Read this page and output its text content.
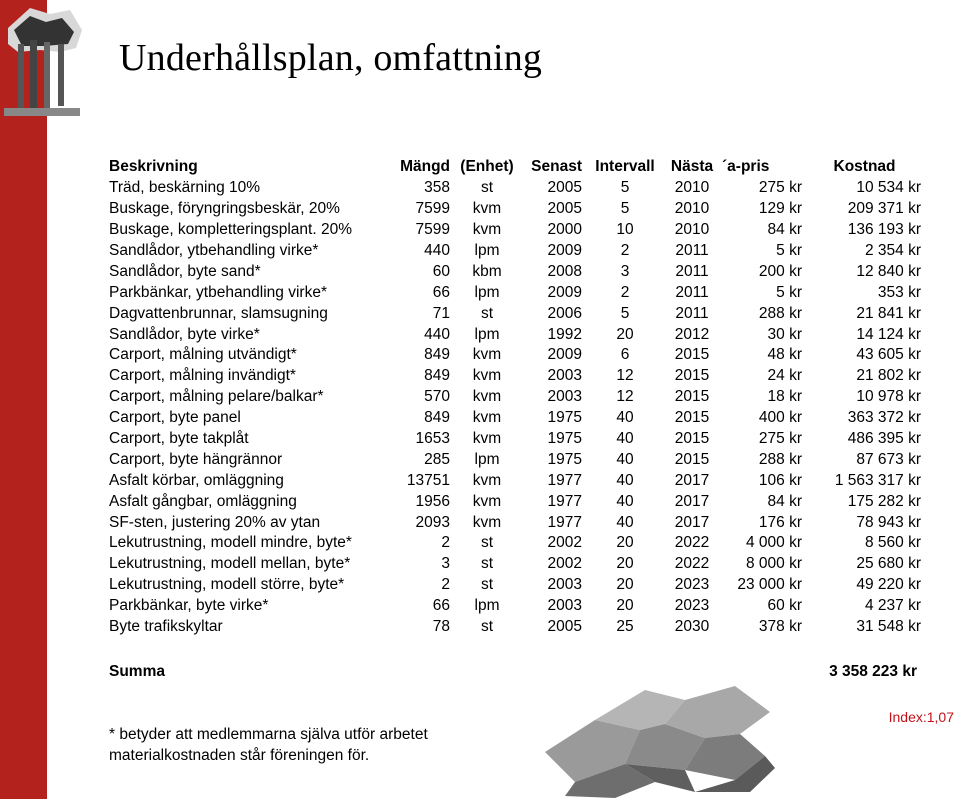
Underhållsplan, omfattning
Beskrivning	Mängd	(Enhet)	Senast	Intervall	Nästa	´a-pris	Kostnad
Träd, beskärning 10%	358	st	2005	5	2010	275 kr	10 534 kr
Buskage, föryngringsbeskär, 20%	7599	kvm	2005	5	2010	129 kr	209 371 kr
Buskage, kompletteringsplant. 20%	7599	kvm	2000	10	2010	84 kr	136 193 kr
Sandlådor, ytbehandling virke*	440	lpm	2009	2	2011	5 kr	2 354 kr
Sandlådor, byte sand*	60	kbm	2008	3	2011	200 kr	12 840 kr
Parkbänkar, ytbehandling virke*	66	lpm	2009	2	2011	5 kr	353 kr
Dagvattenbrunnar, slamsugning	71	st	2006	5	2011	288 kr	21 841 kr
Sandlådor, byte virke*	440	lpm	1992	20	2012	30 kr	14 124 kr
Carport, målning utvändigt*	849	kvm	2009	6	2015	48 kr	43 605 kr
Carport, målning invändigt*	849	kvm	2003	12	2015	24 kr	21 802 kr
Carport, målning pelare/balkar*	570	kvm	2003	12	2015	18 kr	10 978 kr
Carport, byte panel	849	kvm	1975	40	2015	400 kr	363 372 kr
Carport, byte takplåt	1653	kvm	1975	40	2015	275 kr	486 395 kr
Carport, byte hängrännor	285	lpm	1975	40	2015	288 kr	87 673 kr
Asfalt körbar, omläggning	13751	kvm	1977	40	2017	106 kr	1 563 317 kr
Asfalt gångbar, omläggning	1956	kvm	1977	40	2017	84 kr	175 282 kr
SF-sten, justering 20% av ytan	2093	kvm	1977	40	2017	176 kr	78 943 kr
Lekutrustning, modell mindre, byte*	2	st	2002	20	2022	4 000 kr	8 560 kr
Lekutrustning, modell mellan, byte*	3	st	2002	20	2022	8 000 kr	25 680 kr
Lekutrustning, modell större, byte*	2	st	2003	20	2023	23 000 kr	49 220 kr
Parkbänkar, byte virke*	66	lpm	2003	20	2023	60 kr	4 237 kr
Byte trafikskyltar	78	st	2005	25	2030	378 kr	31 548 kr
Summa	3 358 223 kr
Index:1,07
* betyder att medlemmarna själva utför arbetet
materialkostnaden står föreningen för.
